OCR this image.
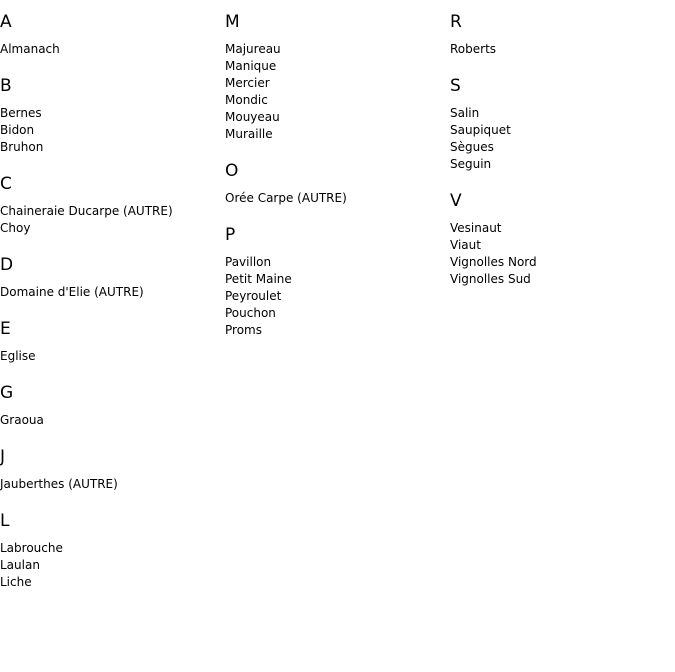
A
Almanach
B
Bernes
Bidon
Bruhon
C
Chaineraie Ducarpe (AUTRE)
Choy
D
Domaine d'Elie (AUTRE)
E
Eglise
G
Graoua
J
Jauberthes (AUTRE)
L
Labrouche
Laulan
Liche
M
Majureau
Manique
Mercier
Mondic
Mouyeau
Muraille
O
Orée Carpe (AUTRE)
P
Pavillon
Petit Maine
Peyroulet
Pouchon
Proms
R
Roberts
S
Salin
Saupiquet
Sègues
Seguin
V
Vesinaut
Viaut
Vignolles Nord
Vignolles Sud
